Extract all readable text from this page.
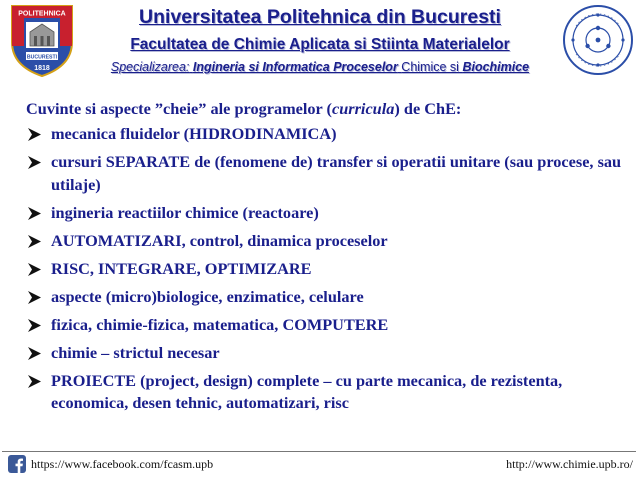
POLITEHNICA
BUCURESTI
1818
Universitatea Politehnica din Bucuresti
Facultatea de Chimie Aplicata si Stiinta Materialelor
Specializarea: Ingineria si Informatica Proceselor Chimice si Biochimice
Cuvinte si aspecte ”cheie” ale programelor (curricula) de ChE:
mecanica fluidelor (HIDRODINAMICA)
cursuri SEPARATE de (fenomene de) transfer si operatii unitare (sau procese, sau utilaje)
ingineria reactiilor chimice (reactoare)
AUTOMATIZARI, control, dinamica proceselor
RISC, INTEGRARE, OPTIMIZARE
aspecte (micro)biologice, enzimatice, celulare
fizica, chimie-fizica, matematica, COMPUTERE
chimie – strictul necesar
PROIECTE (project, design) complete – cu parte mecanica, de rezistenta, economica, desen tehnic, automatizari, risc
https://www.facebook.com/fcasm.upb	http://www.chimie.upb.ro/
